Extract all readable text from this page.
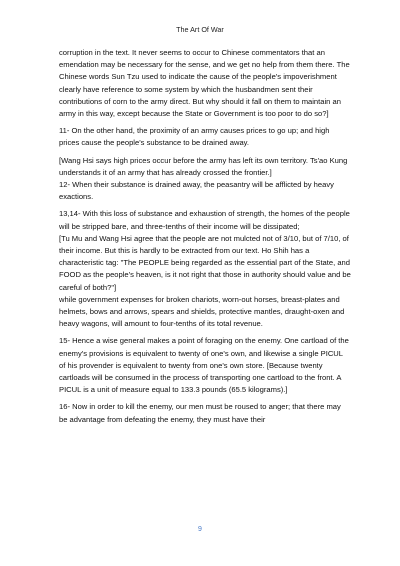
The Art Of War

corruption in the text. It never seems to occur to Chinese commentators that an emendation may be necessary for the sense, and we get no help from them there. The Chinese words Sun Tzu used to indicate the cause of the people's impoverishment clearly have reference to some system by which the husbandmen sent their contributions of corn to the army direct. But why should it fall on them to maintain an army in this way, except because the State or Government is too poor to do so?]

11- On the other hand, the proximity of an army causes prices to go up; and high prices cause the people's substance to be drained away.

[Wang Hsi says high prices occur before the army has left its own territory. Ts'ao Kung understands it of an army that has already crossed the frontier.]

12- When their substance is drained away, the peasantry will be afflicted by heavy exactions.

13,14- With this loss of substance and exhaustion of strength, the homes of the people will be stripped bare, and three-tenths of their income will be dissipated;

[Tu Mu and Wang Hsi agree that the people are not mulcted not of 3/10, but of 7/10, of their income. But this is hardly to be extracted from our text. Ho Shih has a characteristic tag: "The PEOPLE being regarded as the essential part of the State, and FOOD as the people's heaven, is it not right that those in authority should value and be careful of both?"]

while government expenses for broken chariots, worn-out horses, breast-plates and helmets, bows and arrows, spears and shields, protective mantles, draught-oxen and heavy wagons, will amount to four-tenths of its total revenue.

15- Hence a wise general makes a point of foraging on the enemy. One cartload of the enemy's provisions is equivalent to twenty of one's own, and likewise a single PICUL of his provender is equivalent to twenty from one's own store. [Because twenty cartloads will be consumed in the process of transporting one cartload to the front. A PICUL is a unit of measure equal to 133.3 pounds (65.5 kilograms).]

16- Now in order to kill the enemy, our men must be roused to anger; that there may be advantage from defeating the enemy, they must have their

9
